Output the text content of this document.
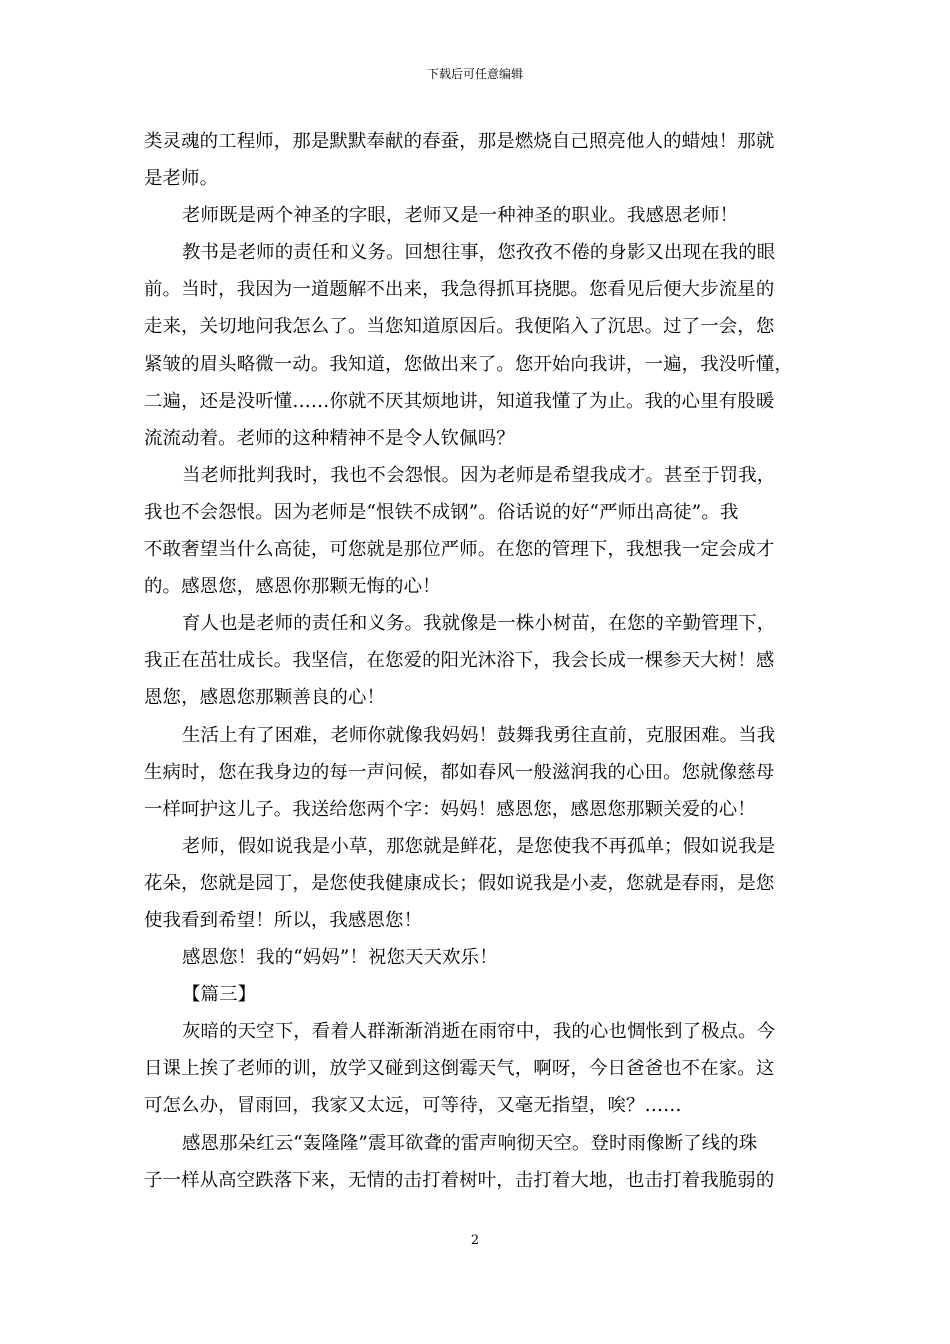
下载后可任意编辑
类灵魂的工程师，那是默默奉献的春蚕，那是燃烧自己照亮他人的蜡烛！那就
是老师。
老师既是两个神圣的字眼，老师又是一种神圣的职业。我感恩老师！
教书是老师的责任和义务。回想往事，您孜孜不倦的身影又出现在我的眼
前。当时，我因为一道题解不出来，我急得抓耳挠腮。您看见后便大步流星的
走来，关切地问我怎么了。当您知道原因后。我便陷入了沉思。过了一会，您
紧皱的眉头略微一动。我知道，您做出来了。您开始向我讲，一遍，我没听懂，
二遍，还是没听懂……你就不厌其烦地讲，知道我懂了为止。我的心里有股暖
流流动着。老师的这种精神不是令人钦佩吗？
当老师批判我时，我也不会怨恨。因为老师是希望我成才。甚至于罚我，
我也不会怨恨。因为老师是“恨铁不成钢”。俗话说的好“严师出高徒”。我
不敢奢望当什么高徒，可您就是那位严师。在您的管理下，我想我一定会成才
的。感恩您，感恩你那颗无悔的心！
育人也是老师的责任和义务。我就像是一株小树苗，在您的辛勤管理下，
我正在茁壮成长。我坚信，在您爱的阳光沐浴下，我会长成一棵参天大树！感
恩您，感恩您那颗善良的心！
生活上有了困难，老师你就像我妈妈！鼓舞我勇往直前，克服困难。当我
生病时，您在我身边的每一声问候，都如春风一般滋润我的心田。您就像慈母
一样呵护这儿子。我送给您两个字：妈妈！感恩您，感恩您那颗关爱的心！
老师，假如说我是小草，那您就是鲜花，是您使我不再孤单；假如说我是
花朵，您就是园丁，是您使我健康成长；假如说我是小麦，您就是春雨，是您
使我看到希望！所以，我感恩您！
感恩您！我的“妈妈”！祝您天天欢乐！
【篇三】
灰暗的天空下，看着人群渐渐消逝在雨帘中，我的心也惆怅到了极点。今
日课上挨了老师的训，放学又碰到这倒霉天气，啊呀，今日爸爸也不在家。这
可怎么办，冒雨回，我家又太远，可等待，又毫无指望，唉？……
感恩那朵红云“轰隆隆”震耳欲聋的雷声响彻天空。登时雨像断了线的珠
子一样从高空跌落下来，无情的击打着树叶，击打着大地，也击打着我脆弱的
2
